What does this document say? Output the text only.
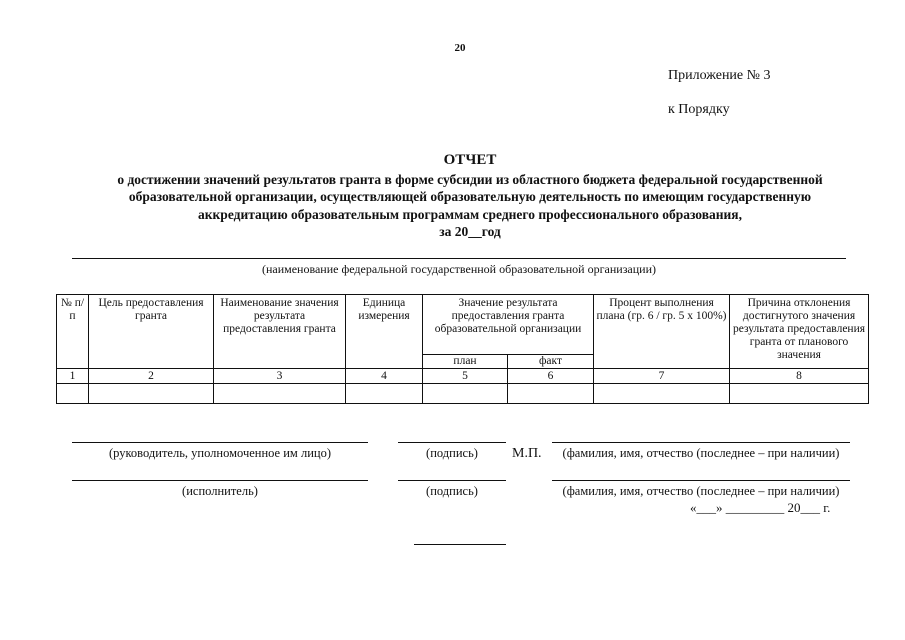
20
Приложение № 3
к Порядку
ОТЧЕТ
о достижении значений результатов гранта в форме субсидии из областного бюджета федеральной государственной
образовательной организации, осуществляющей образовательную деятельность по имеющим государственную
аккредитацию образовательным программам среднего профессионального образования,
за 20__год
(наименование федеральной государственной образовательной организации)
№ п/п	Цель предоставления гранта	Наименование значения результата предоставления гранта	Единица измерения	Значение результата предоставления гранта образовательной организации		Процент выполнения плана (гр. 6 / гр. 5 х 100%)	Причина отклонения достигнутого значения результата предоставления гранта от планового значения
				план	факт		
1	2	3	4	5	6	7	8

(руководитель, уполномоченное им лицо)	(подпись)	М.П.	(фамилия, имя, отчество (последнее – при наличии)
(исполнитель)	(подпись)	(фамилия, имя, отчество (последнее – при наличии)
«___» _________ 20___ г.
